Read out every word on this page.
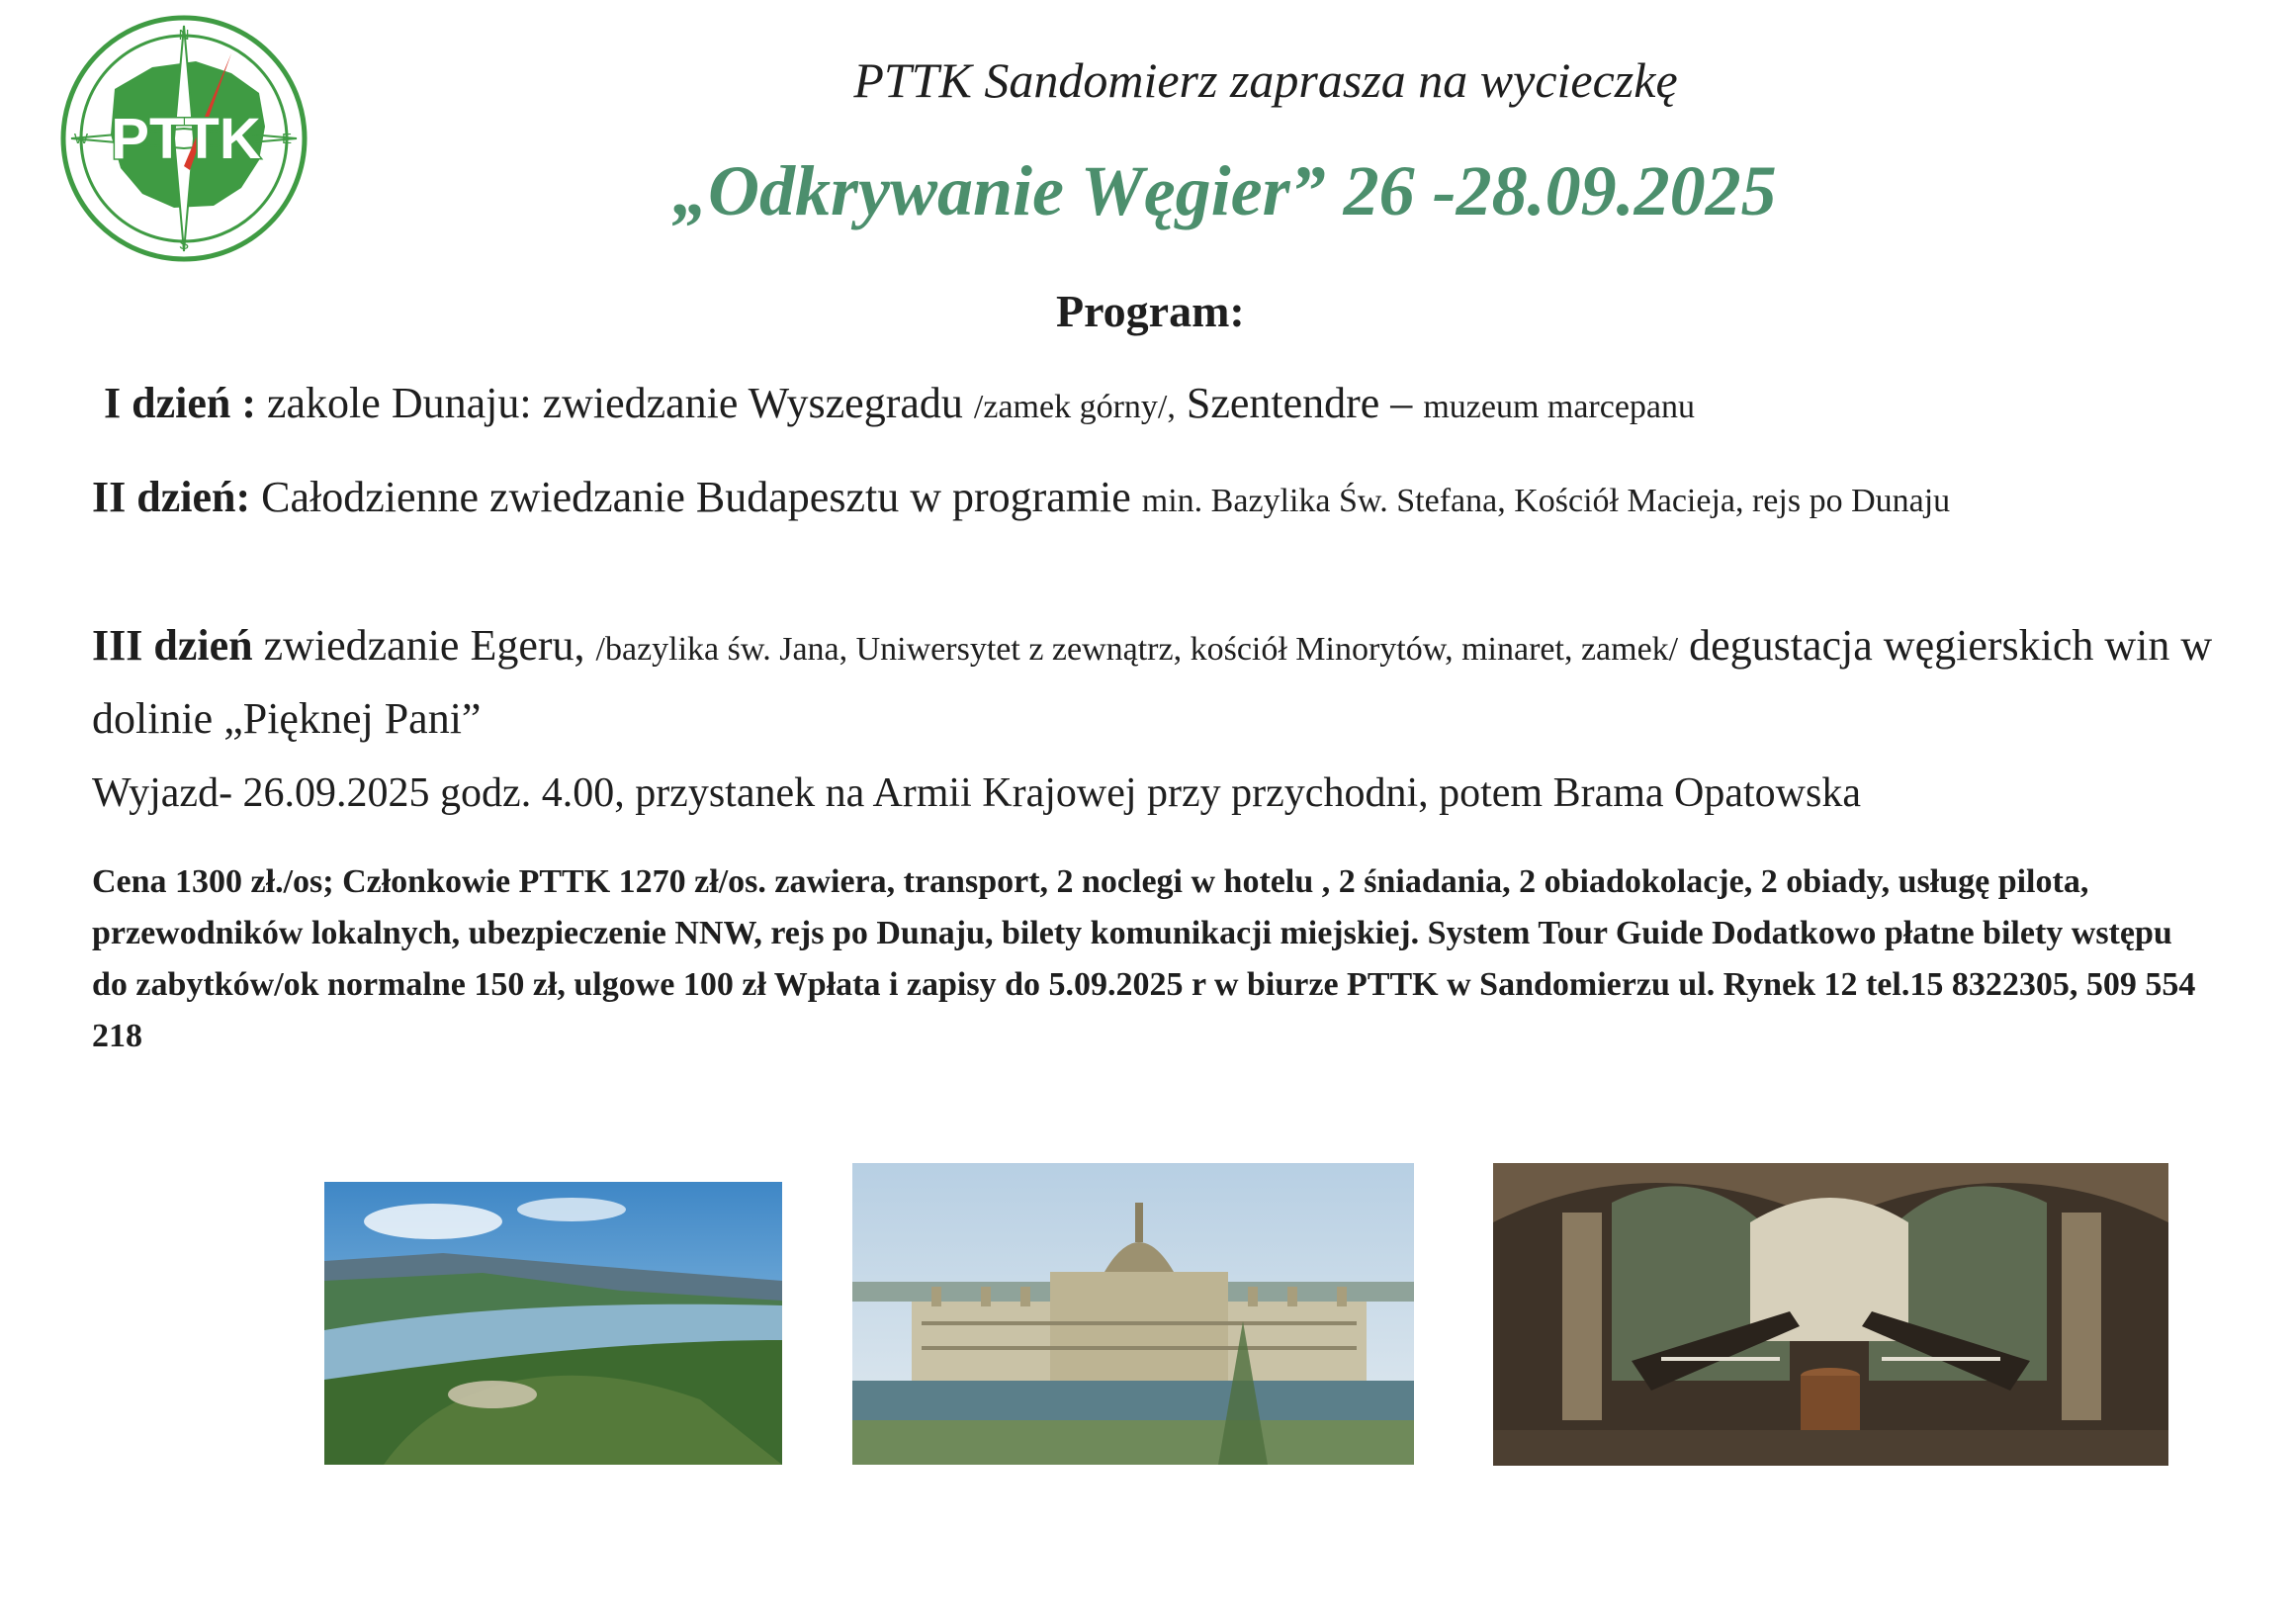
N
E
S
W PTTK
PTTK Sandomierz zaprasza na wycieczkę
„Odkrywanie Węgier” 26 -28.09.2025
Program:
I dzień : zakole Dunaju: zwiedzanie Wyszegradu /zamek górny/, Szentendre – muzeum marcepanu
II dzień: Całodzienne zwiedzanie Budapesztu w programie min. Bazylika Św. Stefana, Kościół Macieja, rejs po Dunaju
III dzień zwiedzanie Egeru, /bazylika św. Jana, Uniwersytet z zewnątrz, kościół Minorytów, minaret, zamek/ degustacja węgierskich win w dolinie „Pięknej Pani”
Wyjazd- 26.09.2025 godz. 4.00, przystanek na Armii Krajowej przy przychodni, potem Brama Opatowska
Cena 1300 zł./os; Członkowie PTTK 1270 zł/os. zawiera, transport, 2 noclegi w hotelu , 2 śniadania, 2 obiadokolacje, 2 obiady, usługę pilota, przewodników lokalnych, ubezpieczenie NNW, rejs po Dunaju, bilety komunikacji miejskiej. System Tour Guide Dodatkowo płatne bilety wstępu do zabytków/ok normalne 150 zł, ulgowe 100 zł Wpłata i zapisy do 5.09.2025 r w biurze PTTK w Sandomierzu ul. Rynek 12 tel.15 8322305, 509 554 218
